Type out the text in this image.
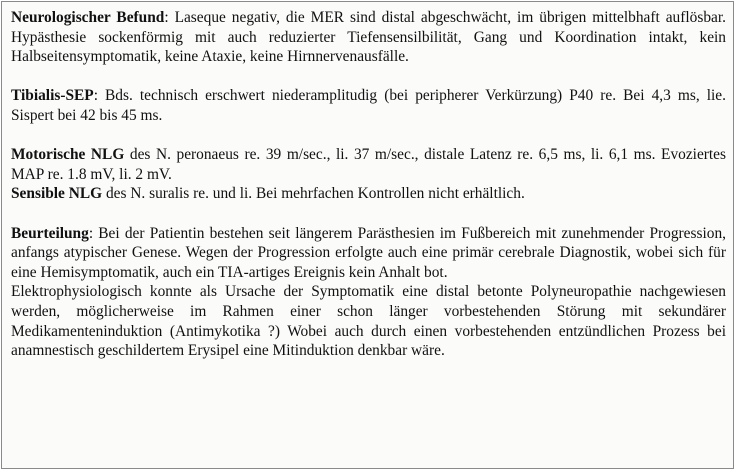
Neurologischer Befund: Laseque negativ, die MER sind distal abgeschwächt, im übrigen mittelbhaft auflösbar. Hypästhesie sockenförmig mit auch reduzierter Tiefensensilbilität, Gang und Koordination intakt, kein Halbseitensymptomatik, keine Ataxie, keine Hirnnervenausfälle.

Tibialis-SEP: Bds. technisch erschwert niederamplitudig (bei peripherer Verkürzung) P40 re. Bei 4,3 ms, lie. Sispert bei 42 bis 45 ms.

Motorische NLG des N. peronaeus re. 39 m/sec., li. 37 m/sec., distale Latenz re. 6,5 ms, li. 6,1 ms. Evoziertes MAP re. 1.8 mV, li. 2 mV.

Sensible NLG des N. suralis re. und li. Bei mehrfachen Kontrollen nicht erhältlich.

Beurteilung: Bei der Patientin bestehen seit längerem Parästhesien im Fußbereich mit zunehmender Progression, anfangs atypischer Genese. Wegen der Progression erfolgte auch eine primär cerebrale Diagnostik, wobei sich für eine Hemisymptomatik, auch ein TIA-artiges Ereignis kein Anhalt bot.

Elektrophysiologisch konnte als Ursache der Symptomatik eine distal betonte Polyneuropathie nachgewiesen werden, möglicherweise im Rahmen einer schon länger vorbestehenden Störung mit sekundärer Medikamenteninduktion (Antimykotika ?) Wobei auch durch einen vorbestehenden entzündlichen Prozess bei anamnestisch geschildertem Erysipel eine Mitinduktion denkbar wäre.
